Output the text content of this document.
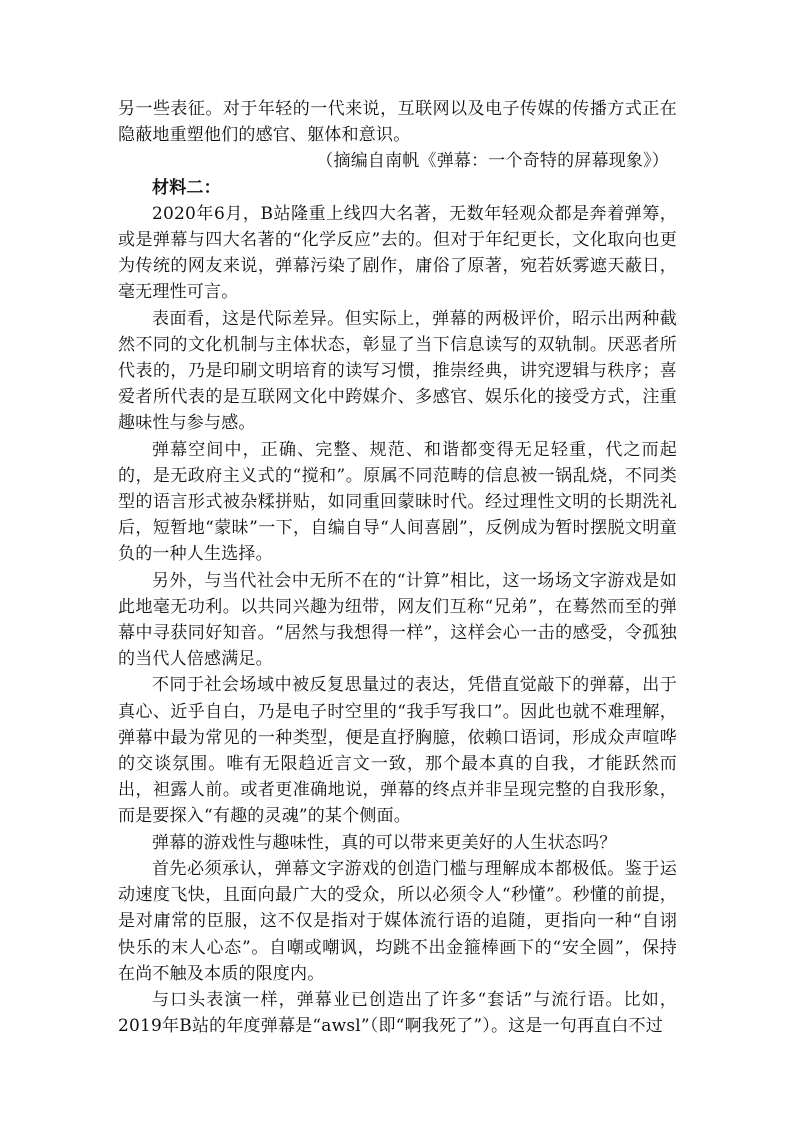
另一些表征。对于年轻的一代来说，互联网以及电子传媒的传播方式正在隐蔽地重塑他们的感官、躯体和意识。

（摘编自南帆《弹幕：一个奇特的屏幕现象》）

材料二：

2020年6月，B站隆重上线四大名著，无数年轻观众都是奔着弹筹，或是弹幕与四大名著的“化学反应”去的。但对于年纪更长，文化取向也更为传统的网友来说，弹幕污染了剧作，庸俗了原著，宛若妖雾遮天蔽日，毫无理性可言。

表面看，这是代际差异。但实际上，弹幕的两极评价，昭示出两种截然不同的文化机制与主体状态，彰显了当下信息读写的双轨制。厌恶者所代表的，乃是印刷文明培育的读写习惯，推崇经典，讲究逻辑与秩序；喜爱者所代表的是互联网文化中跨媒介、多感官、娱乐化的接受方式，注重趣味性与参与感。

弹幕空间中，正确、完整、规范、和谐都变得无足轻重，代之而起的，是无政府主义式的“搅和”。原属不同范畴的信息被一锅乱烧，不同类型的语言形式被杂糅拼贴，如同重回蒙昧时代。经过理性文明的长期洗礼后，短暂地“蒙昧”一下，自编自导“人间喜剧”，反例成为暂时摆脱文明童负的一种人生选择。

另外，与当代社会中无所不在的“计算”相比，这一场场文字游戏是如此地毫无功利。以共同兴趣为纽带，网友们互称“兄弟”，在蓦然而至的弹幕中寻获同好知音。“居然与我想得一样”，这样会心一击的感受，令孤独的当代人倍感满足。

不同于社会场域中被反复思量过的表达，凭借直觉敲下的弹幕，出于真心、近乎自白，乃是电子时空里的“我手写我口”。因此也就不难理解，弹幕中最为常见的一种类型，便是直抒胸臆，依赖口语词，形成众声喧哗的交谈氛围。唯有无限趋近言文一致，那个最本真的自我，才能跃然而出，袒露人前。或者更准确地说，弹幕的终点并非呈现完整的自我形象，而是要探入“有趣的灵魂”的某个侧面。

弹幕的游戏性与趣味性，真的可以带来更美好的人生状态吗？

首先必须承认，弹幕文字游戏的创造门槛与理解成本都极低。鉴于运动速度飞快，且面向最广大的受众，所以必须令人“秒懂”。秒懂的前提，是对庸常的臣服，这不仅是指对于媒体流行语的追随，更指向一种“自诩快乐的末人心态”。自嘲或嘲讽，均跳不出金箍棒画下的“安全圆”，保持在尚不触及本质的限度内。

与口头表演一样，弹幕业已创造出了许多“套话”与流行语。比如，2019年B站的年度弹幕是“awsl”（即“啊我死了”）。这是一句再直白不过
